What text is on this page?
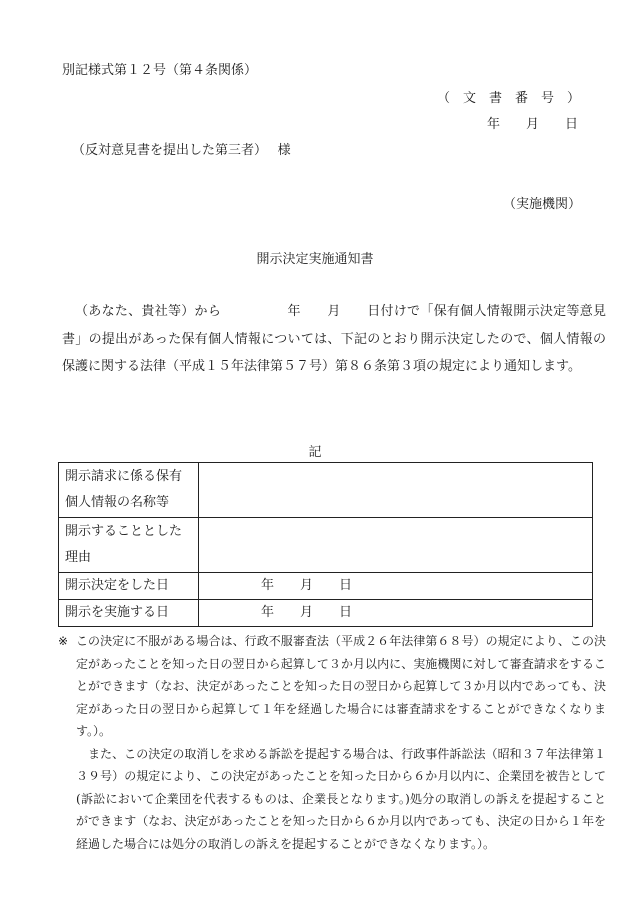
別記様式第１２号（第４条関係）
（　文　書　番　号　）
年　　月　　日
（反対意見書を提出した第三者）　 様
（実施機関）
開示決定実施通知書
（あなた、貴社等）から　　　　　年　　月　　日付けで「保有個人情報開示決定等意見書」の提出があった保有個人情報については、下記のとおり開示決定したので、個人情報の保護に関する法律（平成１５年法律第５７号）第８６条第３項の規定により通知します。
記
開示請求に係る保有個人情報の名称等	
開示することとした理由	
開示決定をした日	年　　月　　日
開示を実施する日	年　　月　　日
※ この決定に不服がある場合は、行政不服審査法（平成２６年法律第６８号）の規定により、この決定があったことを知った日の翌日から起算して３か月以内に、実施機関に対して審査請求をすることができます（なお、決定があったことを知った日の翌日から起算して３か月以内であっても、決定があった日の翌日から起算して１年を経過した場合には審査請求をすることができなくなります。）。
また、この決定の取消しを求める訴訟を提起する場合は、行政事件訴訟法（昭和３７年法律第１３９号）の規定により、この決定があったことを知った日から６か月以内に、企業団を被告として(訴訟において企業団を代表するものは、企業長となります。)処分の取消しの訴えを提起することができます（なお、決定があったことを知った日から６か月以内であっても、決定の日から１年を経過した場合には処分の取消しの訴えを提起することができなくなります。）。
